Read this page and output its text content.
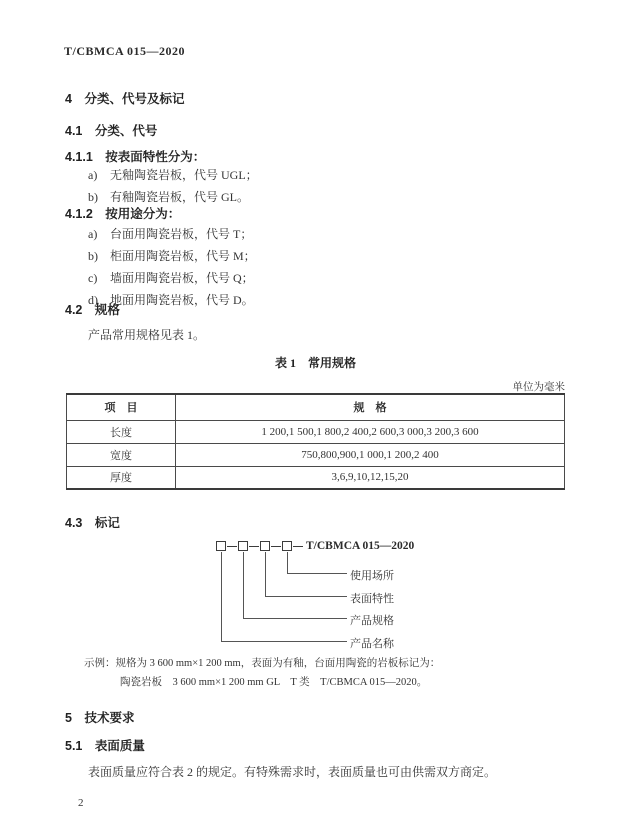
T/CBMCA 015—2020
4　分类、代号及标记
4.1　分类、代号
4.1.1　按表面特性分为：
a) 无釉陶瓷岩板，代号 UGL；
b) 有釉陶瓷岩板，代号 GL。
4.1.2　按用途分为：
a) 台面用陶瓷岩板，代号 T；
b) 柜面用陶瓷岩板，代号 M；
c) 墙面用陶瓷岩板，代号 Q；
d) 地面用陶瓷岩板，代号 D。
4.2　规格
产品常用规格见表 1。
表 1　常用规格
单位为毫米
项　目	规　格
长度	1 200,1 500,1 800,2 400,2 600,3 000,3 200,3 600
宽度	750,800,900,1 000,1 200,2 400
厚度	3,6,9,10,12,15,20
4.3　标记
T/CBMCA 015—2020
使用场所
表面特性
产品规格
产品名称
示例：规格为 3 600 mm×1 200 mm，表面为有釉，台面用陶瓷的岩板标记为：
陶瓷岩板　3 600 mm×1 200 mm GL　T 类　T/CBMCA 015—2020。
5　技术要求
5.1　表面质量
表面质量应符合表 2 的规定。有特殊需求时，表面质量也可由供需双方商定。
2
